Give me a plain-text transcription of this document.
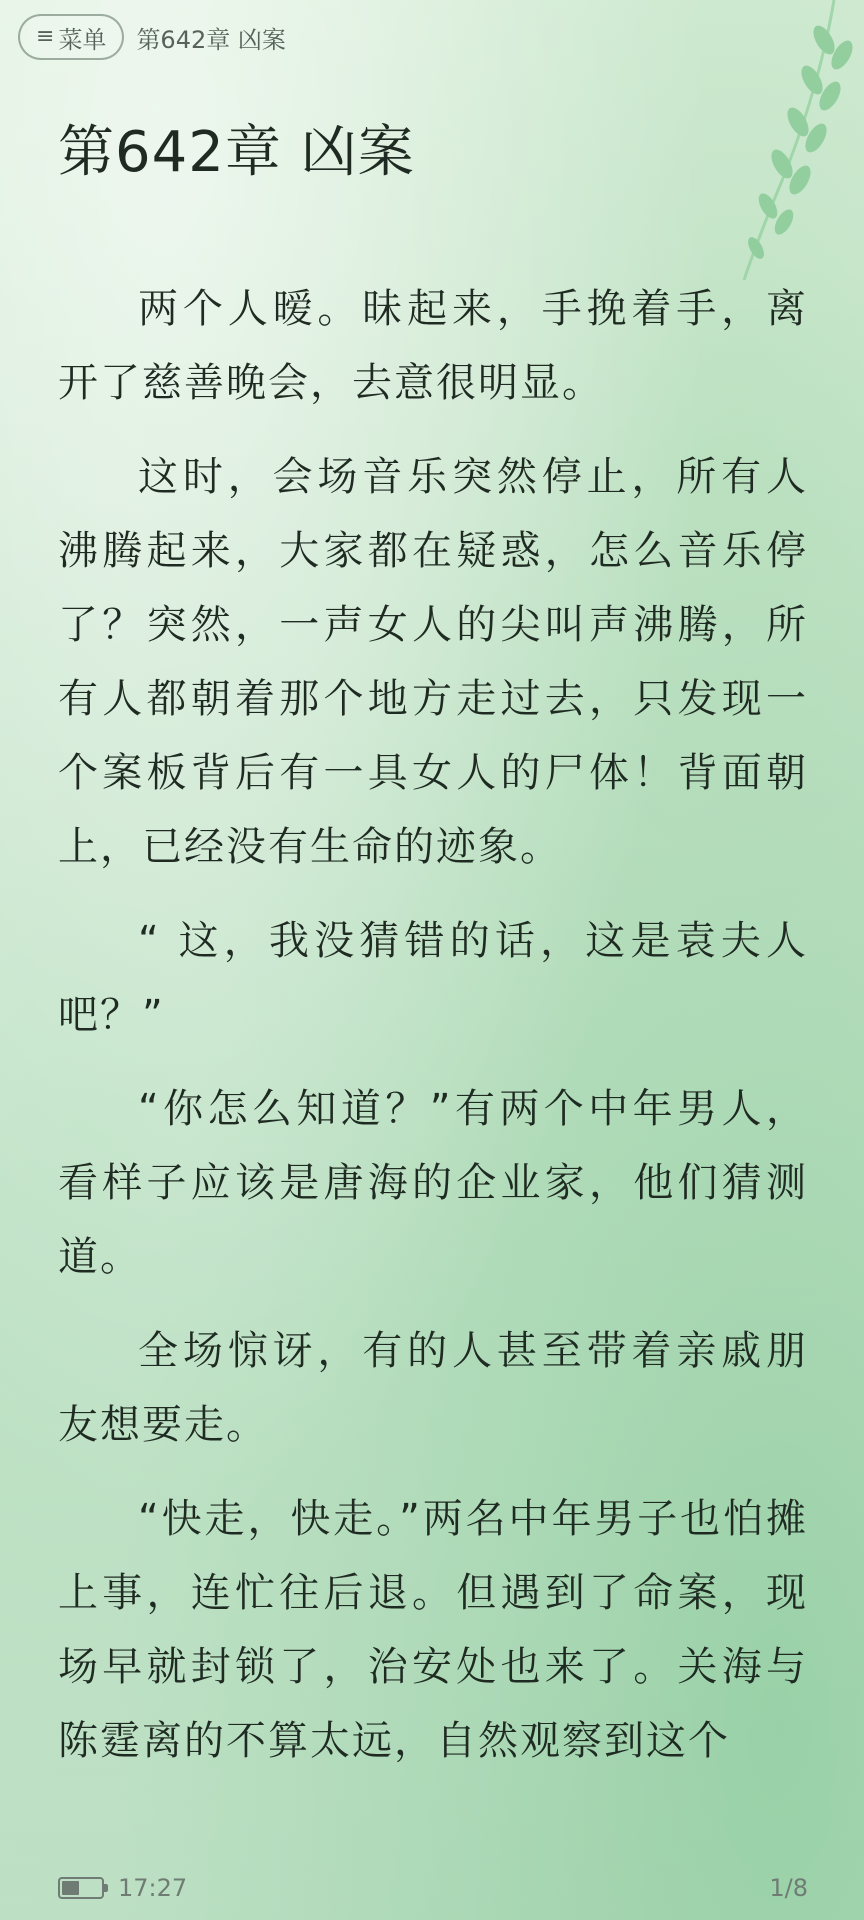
≡ 菜单 第642章 凶案
第642章 凶案

两个人暧。昧起来，手挽着手，离开了慈善晚会，去意很明显。

这时，会场音乐突然停止，所有人沸腾起来，大家都在疑惑，怎么音乐停了？突然，一声女人的尖叫声沸腾，所有人都朝着那个地方走过去，只发现一个案板背后有一具女人的尸体！背面朝上，已经没有生命的迹象。

“ 这，我没猜错的话，这是袁夫人吧？”

“你怎么知道？”有两个中年男人，看样子应该是唐海的企业家，他们猜测道。

全场惊讶，有的人甚至带着亲戚朋友想要走。

“快走，快走。”两名中年男子也怕摊上事，连忙往后退。但遇到了命案，现场早就封锁了，治安处也来了。关海与陈霆离的不算太远，自然观察到这个

17:27	1/8
